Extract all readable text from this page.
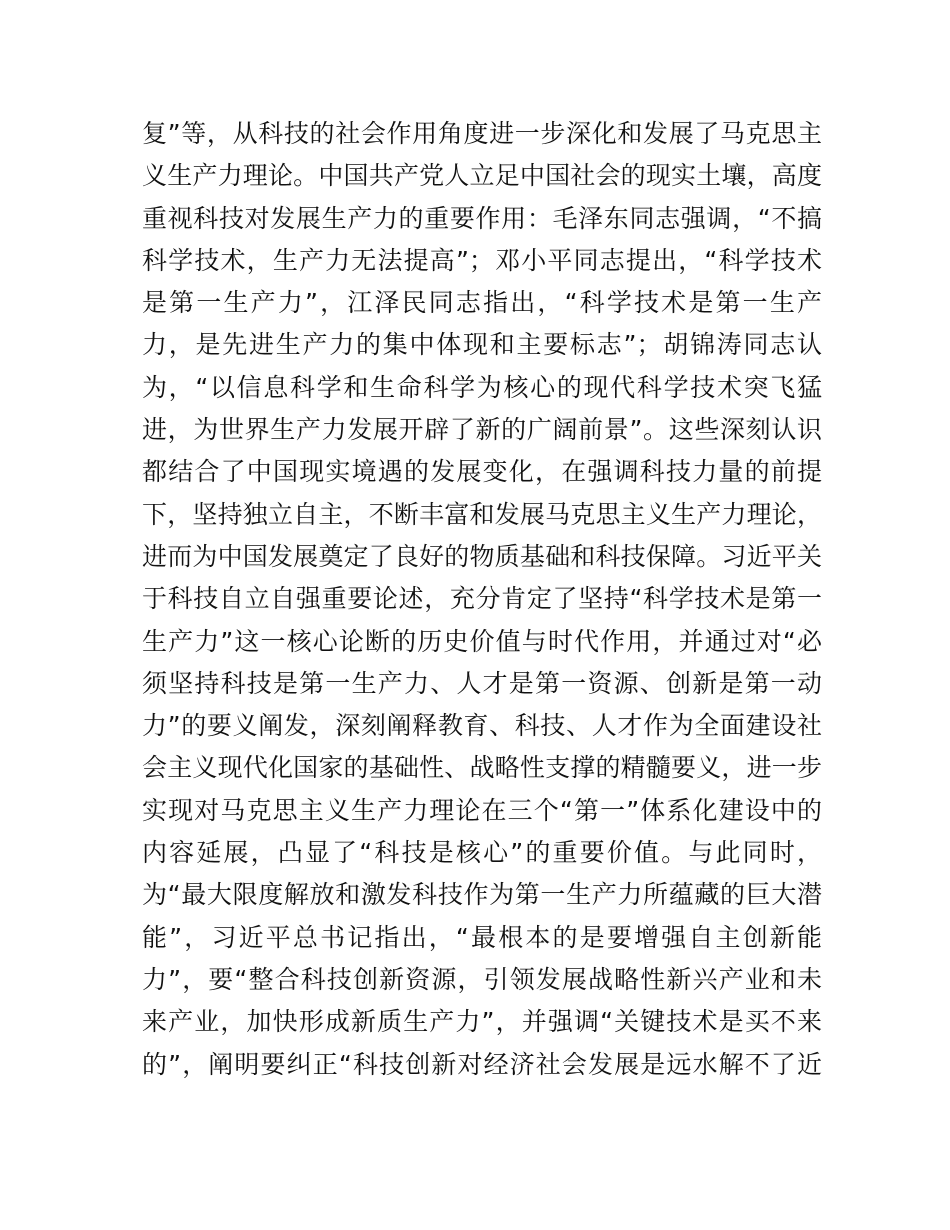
复”等，从科技的社会作用角度进一步深化和发展了马克思主
义生产力理论。中国共产党人立足中国社会的现实土壤，高度
重视科技对发展生产力的重要作用：毛泽东同志强调，“不搞
科学技术，生产力无法提高”；邓小平同志提出，“科学技术
是第一生产力”，江泽民同志指出，“科学技术是第一生产
力，是先进生产力的集中体现和主要标志”；胡锦涛同志认
为，“以信息科学和生命科学为核心的现代科学技术突飞猛
进，为世界生产力发展开辟了新的广阔前景”。这些深刻认识
都结合了中国现实境遇的发展变化，在强调科技力量的前提
下，坚持独立自主，不断丰富和发展马克思主义生产力理论，
进而为中国发展奠定了良好的物质基础和科技保障。习近平关
于科技自立自强重要论述，充分肯定了坚持“科学技术是第一
生产力”这一核心论断的历史价值与时代作用，并通过对“必
须坚持科技是第一生产力、人才是第一资源、创新是第一动
力”的要义阐发，深刻阐释教育、科技、人才作为全面建设社
会主义现代化国家的基础性、战略性支撑的精髓要义，进一步
实现对马克思主义生产力理论在三个“第一”体系化建设中的
内容延展，凸显了“科技是核心”的重要价值。与此同时，
为“最大限度解放和激发科技作为第一生产力所蕴藏的巨大潜
能”，习近平总书记指出，“最根本的是要增强自主创新能
力”，要“整合科技创新资源，引领发展战略性新兴产业和未
来产业，加快形成新质生产力”，并强调“关键技术是买不来
的”，阐明要纠正“科技创新对经济社会发展是远水解不了近
